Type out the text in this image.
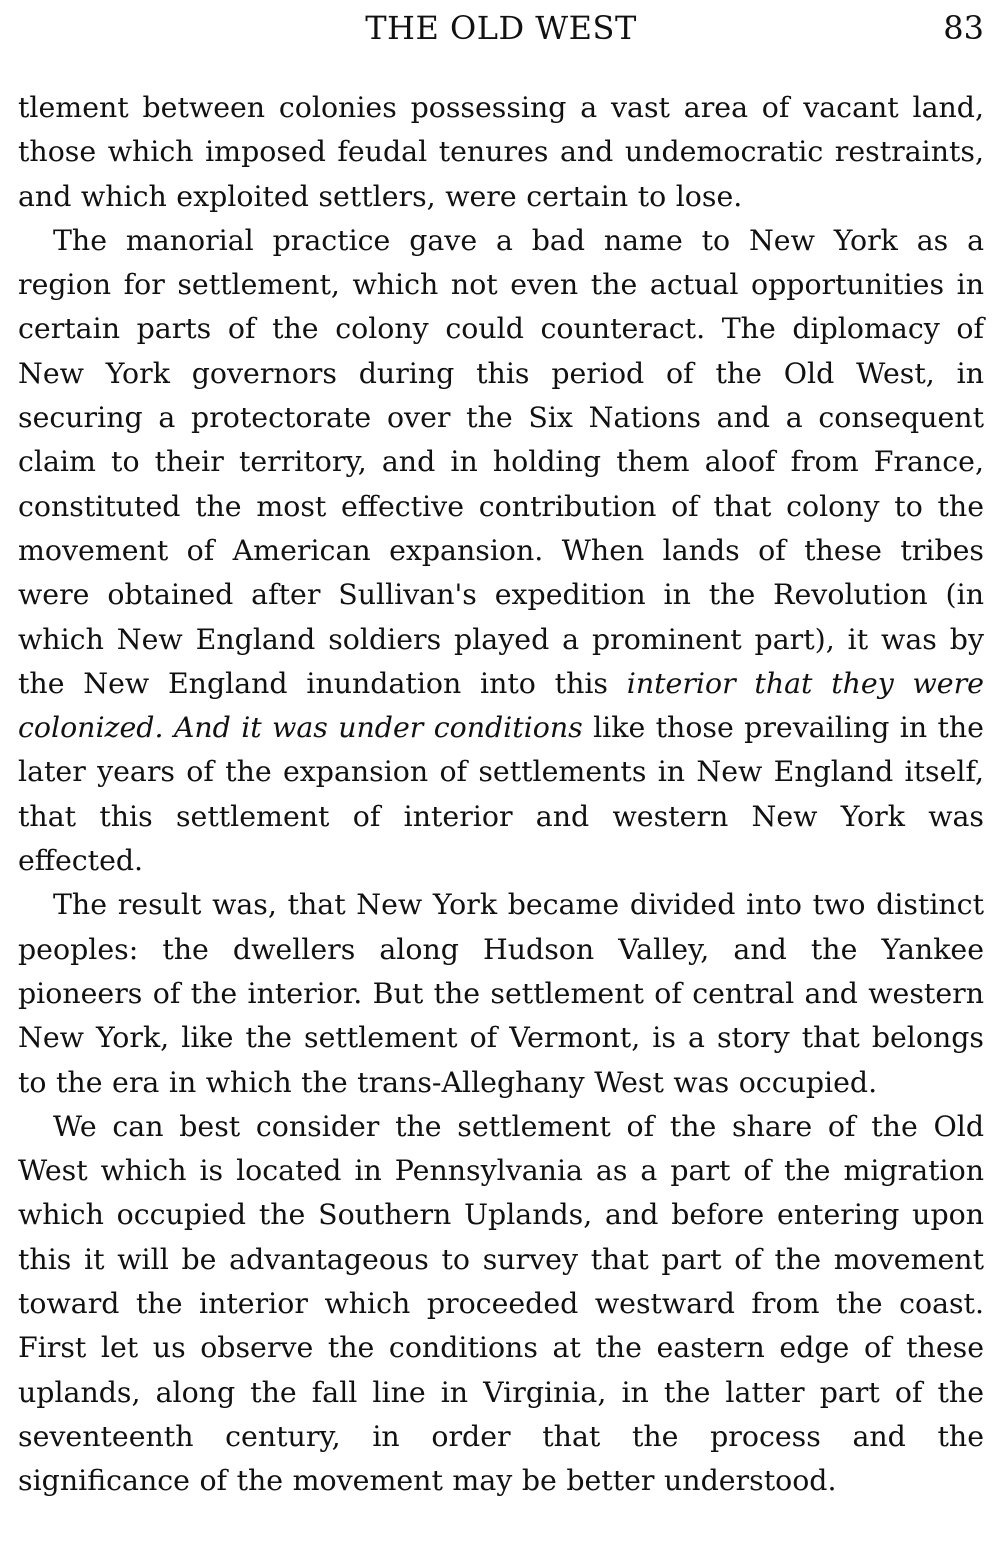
THE OLD WEST	83

tlement between colonies possessing a vast area of vacant land, those which imposed feudal tenures and undemocratic restraints, and which exploited settlers, were certain to lose.

The manorial practice gave a bad name to New York as a region for settlement, which not even the actual opportunities in certain parts of the colony could counteract. The diplomacy of New York governors during this period of the Old West, in securing a protectorate over the Six Nations and a consequent claim to their territory, and in holding them aloof from France, constituted the most effective contribution of that colony to the movement of American expansion. When lands of these tribes were obtained after Sullivan's expedition in the Revolution (in which New England soldiers played a prominent part), it was by the New England inundation into this interior that they were colonized. And it was under conditions like those prevailing in the later years of the expansion of settlements in New England itself, that this settlement of interior and western New York was effected.

The result was, that New York became divided into two distinct peoples: the dwellers along Hudson Valley, and the Yankee pioneers of the interior. But the settlement of central and western New York, like the settlement of Vermont, is a story that belongs to the era in which the trans-Alleghany West was occupied.

We can best consider the settlement of the share of the Old West which is located in Pennsylvania as a part of the migration which occupied the Southern Uplands, and before entering upon this it will be advantageous to survey that part of the movement toward the interior which proceeded westward from the coast. First let us observe the conditions at the eastern edge of these uplands, along the fall line in Virginia, in the latter part of the seventeenth century, in order that the process and the significance of the movement may be better understood.
